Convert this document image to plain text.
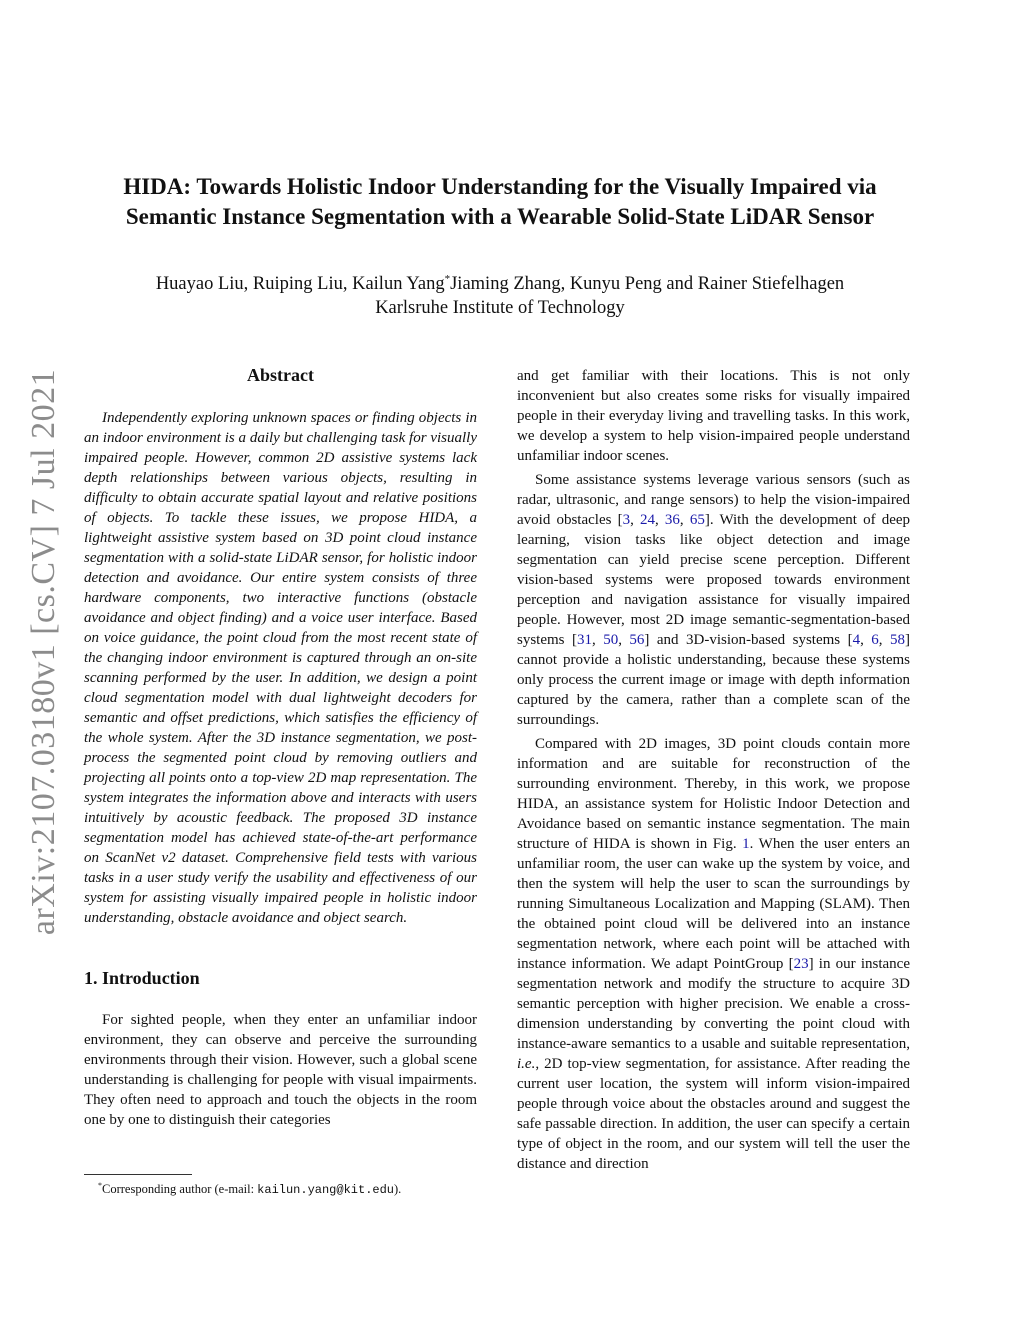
arXiv:2107.03180v1 [cs.CV] 7 Jul 2021
HIDA: Towards Holistic Indoor Understanding for the Visually Impaired via
Semantic Instance Segmentation with a Wearable Solid-State LiDAR Sensor
Huayao Liu, Ruiping Liu, Kailun Yang*Jiaming Zhang, Kunyu Peng and Rainer Stiefelhagen
Karlsruhe Institute of Technology
Abstract

Independently exploring unknown spaces or finding objects in an indoor environment is a daily but challenging task for visually impaired people. However, common 2D assistive systems lack depth relationships between various objects, resulting in difficulty to obtain accurate spatial layout and relative positions of objects. To tackle these issues, we propose HIDA, a lightweight assistive system based on 3D point cloud instance segmentation with a solid-state LiDAR sensor, for holistic indoor detection and avoidance. Our entire system consists of three hardware components, two interactive functions (obstacle avoidance and object finding) and a voice user interface. Based on voice guidance, the point cloud from the most recent state of the changing indoor environment is captured through an on-site scanning performed by the user. In addition, we design a point cloud segmentation model with dual lightweight decoders for semantic and offset predictions, which satisfies the efficiency of the whole system. After the 3D instance segmentation, we post-process the segmented point cloud by removing outliers and projecting all points onto a top-view 2D map representation. The system integrates the information above and interacts with users intuitively by acoustic feedback. The proposed 3D instance segmentation model has achieved state-of-the-art performance on ScanNet v2 dataset. Comprehensive field tests with various tasks in a user study verify the usability and effectiveness of our system for assisting visually impaired people in holistic indoor understanding, obstacle avoidance and object search.

1. Introduction

For sighted people, when they enter an unfamiliar indoor environment, they can observe and perceive the surrounding environments through their vision. However, such a global scene understanding is challenging for people with visual impairments. They often need to approach and touch the objects in the room one by one to distinguish their categories

and get familiar with their locations. This is not only inconvenient but also creates some risks for visually impaired people in their everyday living and travelling tasks. In this work, we develop a system to help vision-impaired people understand unfamiliar indoor scenes.

Some assistance systems leverage various sensors (such as radar, ultrasonic, and range sensors) to help the vision-impaired avoid obstacles [3, 24, 36, 65]. With the development of deep learning, vision tasks like object detection and image segmentation can yield precise scene perception. Different vision-based systems were proposed towards environment perception and navigation assistance for visually impaired people. However, most 2D image semantic-segmentation-based systems [31, 50, 56] and 3D-vision-based systems [4, 6, 58] cannot provide a holistic understanding, because these systems only process the current image or image with depth information captured by the camera, rather than a complete scan of the surroundings.

Compared with 2D images, 3D point clouds contain more information and are suitable for reconstruction of the surrounding environment. Thereby, in this work, we propose HIDA, an assistance system for Holistic Indoor Detection and Avoidance based on semantic instance segmentation. The main structure of HIDA is shown in Fig. 1. When the user enters an unfamiliar room, the user can wake up the system by voice, and then the system will help the user to scan the surroundings by running Simultaneous Localization and Mapping (SLAM). Then the obtained point cloud will be delivered into an instance segmentation network, where each point will be attached with instance information. We adapt PointGroup [23] in our instance segmentation network and modify the structure to acquire 3D semantic perception with higher precision. We enable a cross-dimension understanding by converting the point cloud with instance-aware semantics to a usable and suitable representation, i.e., 2D top-view segmentation, for assistance. After reading the current user location, the system will inform vision-impaired people through voice about the obstacles around and suggest the safe passable direction. In addition, the user can specify a certain type of object in the room, and our system will tell the user the distance and direction

*Corresponding author (e-mail: kailun.yang@kit.edu).
